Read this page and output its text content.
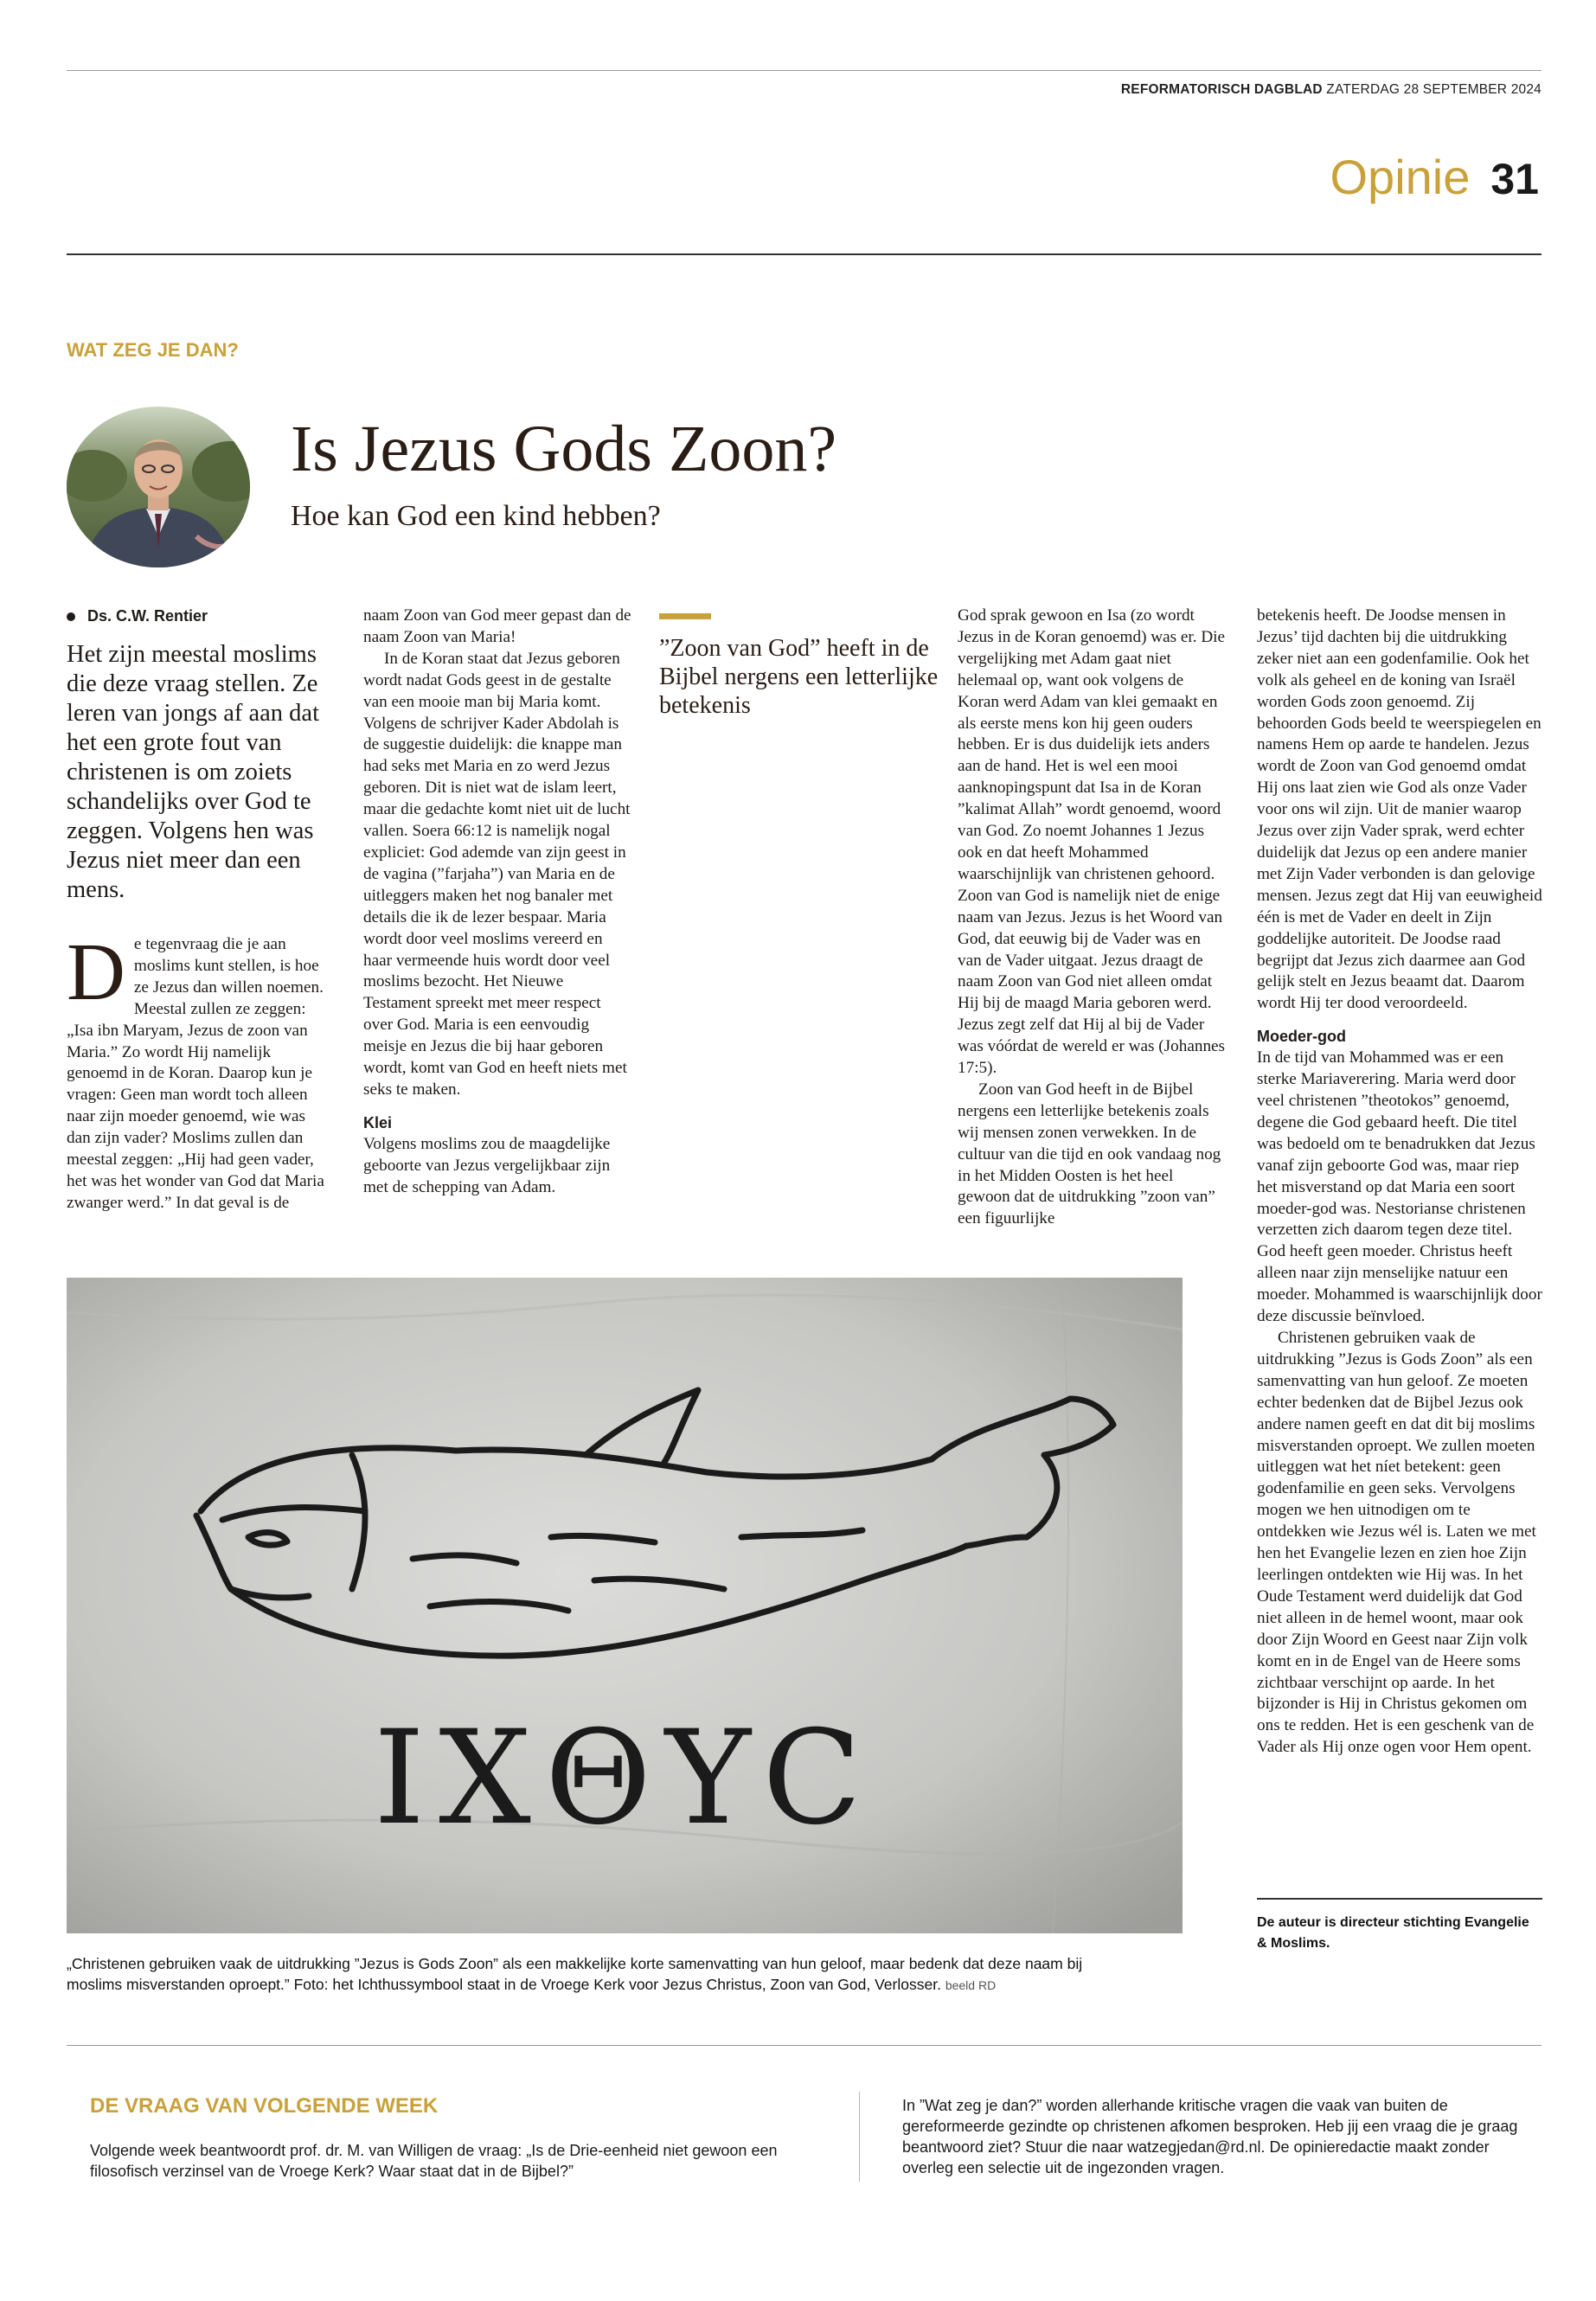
REFORMATORISCH DAGBLAD ZATERDAG 28 SEPTEMBER 2024
Opinie 31
WAT ZEG JE DAN?
Is Jezus Gods Zoon?
Hoe kan God een kind hebben?
Ds. C.W. Rentier

Het zijn meestal moslims die deze vraag stellen. Ze leren van jongs af aan dat het een grote fout van christenen is om zoiets schandelijks over God te zeggen. Volgens hen was Jezus niet meer dan een mens.

De tegenvraag die je aan moslims kunt stellen, is hoe ze Jezus dan willen noemen. Meestal zullen ze zeggen: „Isa ibn Maryam, Jezus de zoon van Maria.” Zo wordt Hij namelijk genoemd in de Koran. Daarop kun je vragen: Geen man wordt toch alleen naar zijn moeder genoemd, wie was dan zijn vader? Moslims zullen dan meestal zeggen: „Hij had geen vader, het was het wonder van God dat Maria zwanger werd.” In dat geval is de

naam Zoon van God meer gepast dan de naam Zoon van Maria!

In de Koran staat dat Jezus geboren wordt nadat Gods geest in de gestalte van een mooie man bij Maria komt. Volgens de schrijver Kader Abdolah is de suggestie duidelijk: die knappe man had seks met Maria en zo werd Jezus geboren. Dit is niet wat de islam leert, maar die gedachte komt niet uit de lucht vallen. Soera 66:12 is namelijk nogal expliciet: God ademde van zijn geest in de vagina (”farjaha”) van Maria en de uitleggers maken het nog banaler met details die ik de lezer bespaar. Maria wordt door veel moslims vereerd en haar vermeende huis wordt door veel moslims bezocht. Het Nieuwe Testament spreekt met meer respect over God. Maria is een eenvoudig meisje en Jezus die bij haar geboren wordt, komt van God en heeft niets met seks te maken.

Klei

Volgens moslims zou de maagdelijke geboorte van Jezus vergelijkbaar zijn met de schepping van Adam.

”Zoon van God” heeft in de Bijbel nergens een letterlijke betekenis

God sprak gewoon en Isa (zo wordt Jezus in de Koran genoemd) was er. Die vergelijking met Adam gaat niet helemaal op, want ook volgens de Koran werd Adam van klei gemaakt en als eerste mens kon hij geen ouders hebben. Er is dus duidelijk iets anders aan de hand. Het is wel een mooi aanknopingspunt dat Isa in de Koran ”kalimat Allah” wordt genoemd, woord van God. Zo noemt Johannes 1 Jezus ook en dat heeft Mohammed waarschijnlijk van christenen gehoord. Zoon van God is namelijk niet de enige naam van Jezus. Jezus is het Woord van God, dat eeuwig bij de Vader was en van de Vader uitgaat. Jezus draagt de naam Zoon van God niet alleen omdat Hij bij de maagd Maria geboren werd. Jezus zegt zelf dat Hij al bij de Vader was vóórdat de wereld er was (Johannes 17:5).

Zoon van God heeft in de Bijbel nergens een letterlijke betekenis zoals wij mensen zonen verwekken. In de cultuur van die tijd en ook vandaag nog in het Midden Oosten is het heel gewoon dat de uitdrukking ”zoon van” een figuurlijke

betekenis heeft. De Joodse mensen in Jezus’ tijd dachten bij die uitdrukking zeker niet aan een godenfamilie. Ook het volk als geheel en de koning van Israël worden Gods zoon genoemd. Zij behoorden Gods beeld te weerspiegelen en namens Hem op aarde te handelen. Jezus wordt de Zoon van God genoemd omdat Hij ons laat zien wie God als onze Vader voor ons wil zijn. Uit de manier waarop Jezus over zijn Vader sprak, werd echter duidelijk dat Jezus op een andere manier met Zijn Vader verbonden is dan gelovige mensen. Jezus zegt dat Hij van eeuwigheid één is met de Vader en deelt in Zijn goddelijke autoriteit. De Joodse raad begrijpt dat Jezus zich daarmee aan God gelijk stelt en Jezus beaamt dat. Daarom wordt Hij ter dood veroordeeld.

Moeder-god

In de tijd van Mohammed was er een sterke Mariaverering. Maria werd door veel christenen ”theotokos” genoemd, degene die God gebaard heeft. Die titel was bedoeld om te benadrukken dat Jezus vanaf zijn geboorte God was, maar riep het misverstand op dat Maria een soort moeder-god was. Nestorianse christenen verzetten zich daarom tegen deze titel. God heeft geen moeder. Christus heeft alleen naar zijn menselijke natuur een moeder. Mohammed is waarschijnlijk door deze discussie beïnvloed.

Christenen gebruiken vaak de uitdrukking ”Jezus is Gods Zoon” als een samenvatting van hun geloof. Ze moeten echter bedenken dat de Bijbel Jezus ook andere namen geeft en dat dit bij moslims misverstanden oproept. We zullen moeten uitleggen wat het níet betekent: geen godenfamilie en geen seks. Vervolgens mogen we hen uitnodigen om te ontdekken wie Jezus wél is. Laten we met hen het Evangelie lezen en zien hoe Zijn leerlingen ontdekten wie Hij was. In het Oude Testament werd duidelijk dat God niet alleen in de hemel woont, maar ook door Zijn Woord en Geest naar Zijn volk komt en in de Engel van de Heere soms zichtbaar verschijnt op aarde. In het bijzonder is Hij in Christus gekomen om ons te redden. Het is een geschenk van de Vader als Hij onze ogen voor Hem opent.

IXΘYC
„Christenen gebruiken vaak de uitdrukking ”Jezus is Gods Zoon” als een makkelijke korte samenvatting van hun geloof, maar bedenk dat deze naam bij moslims misverstanden oproept.” Foto: het Ichthussymbool staat in de Vroege Kerk voor Jezus Christus, Zoon van God, Verlosser. beeld RD
De auteur is directeur stichting Evangelie & Moslims.
DE VRAAG VAN VOLGENDE WEEK
Volgende week beantwoordt prof. dr. M. van Willigen de vraag: „Is de Drie-eenheid niet gewoon een filosofisch verzinsel van de Vroege Kerk? Waar staat dat in de Bijbel?”
In ”Wat zeg je dan?” worden allerhande kritische vragen die vaak van buiten de gereformeerde gezindte op christenen afkomen besproken. Heb jij een vraag die je graag beantwoord ziet? Stuur die naar watzegjedan@rd.nl. De opinieredactie maakt zonder overleg een selectie uit de ingezonden vragen.
